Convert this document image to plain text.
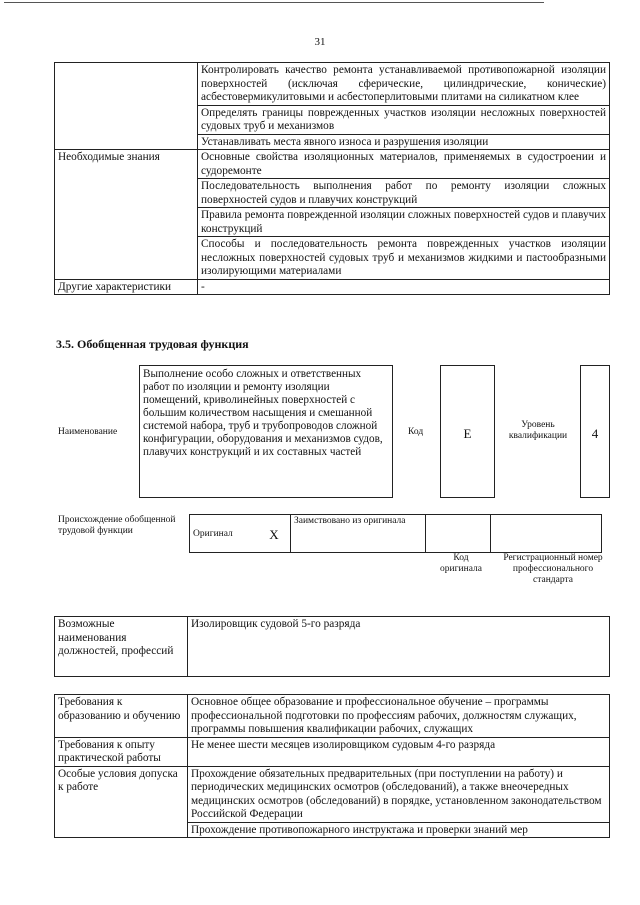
31
	Контролировать качество ремонта устанавливаемой противопожарной изоляции поверхностей (исключая сферические, цилиндрические, конические) асбестовермикулитовыми и асбестоперлитовыми плитами на силикатном клее
	Определять границы поврежденных участков изоляции несложных поверхностей судовых труб и механизмов
	Устанавливать места явного износа и разрушения изоляции
Необходимые знания	Основные свойства изоляционных материалов, применяемых в судостроении и судоремонте
	Последовательность выполнения работ по ремонту изоляции сложных поверхностей судов и плавучих конструкций
	Правила ремонта поврежденной изоляции сложных поверхностей судов и плавучих конструкций
	Способы и последовательность ремонта поврежденных участков изоляции несложных поверхностей судовых труб и механизмов жидкими и пастообразными изолирующими материалами
Другие характеристики	-
3.5. Обобщенная трудовая функция
Наименование
Выполнение особо сложных и ответственных работ по изоляции и ремонту изоляции помещений, криволинейных поверхностей с большим количеством насыщения и смешанной системой набора, труб и трубопроводов сложной конфигурации, оборудования и механизмов судов, плавучих конструкций и их составных частей
Код	E
Уровень квалификации	4
Происхождение обобщенной трудовой функции	Оригинал	X	Заимствовано из оригинала		
Код оригинала
Регистрационный номер профессионального стандарта
Возможные наименования должностей, профессий	Изолировщик судовой 5-го разряда
Требования к образованию и обучению	Основное общее образование и профессиональное обучение – программы профессиональной подготовки по профессиям рабочих, должностям служащих, программы повышения квалификации рабочих, служащих
Требования к опыту практической работы	Не менее шести месяцев изолировщиком судовым 4-го разряда
Особые условия допуска к работе	Прохождение обязательных предварительных (при поступлении на работу) и периодических медицинских осмотров (обследований), а также внеочередных медицинских осмотров (обследований) в порядке, установленном законодательством Российской Федерации
	Прохождение противопожарного инструктажа и проверки знаний мер
